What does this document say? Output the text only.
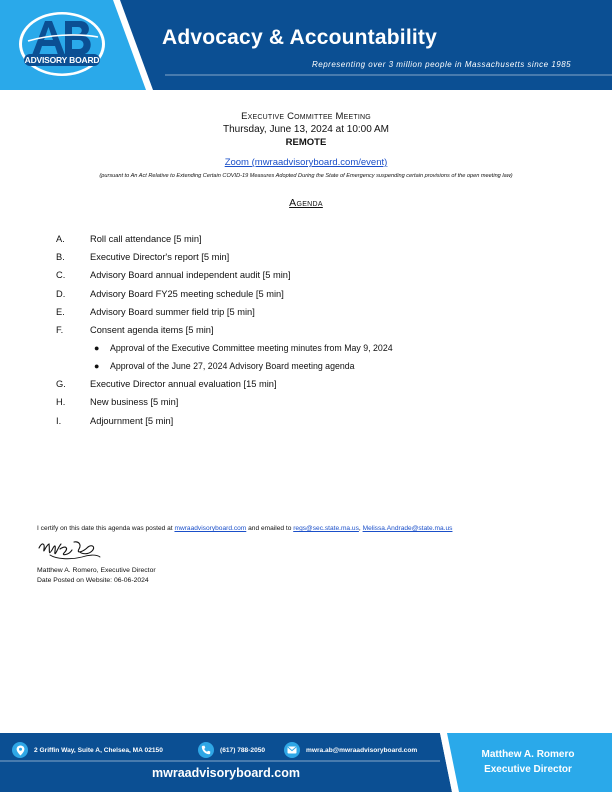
ADVISORY BOARD
Advocacy & Accountability
Representing over 3 million people in Massachusetts since 1985
Executive Committee Meeting
Thursday, June 13, 2024 at 10:00 AM
REMOTE
Zoom (mwraadvisoryboard.com/event)
(pursuant to An Act Relative to Extending Certain COVID-19 Measures Adopted During the State of Emergency suspending certain provisions of the open meeting law)
Agenda
A.	Roll call attendance [5 min]
B.	Executive Director's report [5 min]
C.	Advisory Board annual independent audit [5 min]
D.	Advisory Board FY25 meeting schedule [5 min]
E.	Advisory Board summer field trip [5 min]
F.	Consent agenda items [5 min]
●	Approval of the Executive Committee meeting minutes from May 9, 2024
●	Approval of the June 27, 2024 Advisory Board meeting agenda
G.	Executive Director annual evaluation [15 min]
H.	New business [5 min]
I.	Adjournment [5 min]
I certify on this date this agenda was posted at mwraadvisoryboard.com and emailed to regs@sec.state.ma.us, Melissa.Andrade@state.ma.us
Matthew A. Romero, Executive Director
Date Posted on Website: 06-06-2024
2 Griffin Way, Suite A, Chelsea, MA 02150	(617) 788-2050	mwra.ab@mwraadvisoryboard.com
mwraadvisoryboard.com
Matthew A. Romero
Executive Director
